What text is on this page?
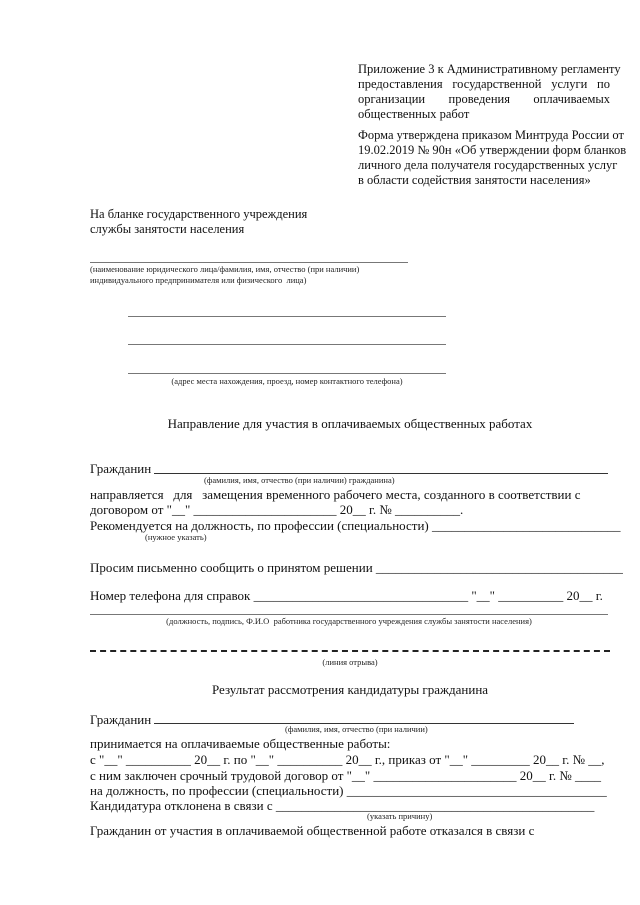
Приложение 3 к Административному регламенту
предоставления государственной услуги по
организации проведения оплачиваемых
общественных работ
Форма утверждена приказом Минтруда России от
19.02.2019 № 90н «Об утверждении форм бланков
личного дела получателя государственных услуг
в области содействия занятости населения»
На бланке государственного учреждения
службы занятости населения
(наименование юридического лица/фамилия, имя, отчество (при наличии)
индивидуального предпринимателя или физического  лица)
(адрес места нахождения, проезд, номер контактного телефона)
Направление для участия в оплачиваемых общественных работах
Гражданин
(фамилия, имя, отчество (при наличии) гражданина)
направляется   для   замещения временного рабочего места, созданного в соответствии с
договором от "__" ______________________ 20__ г. № __________.
Рекомендуется на должность, по профессии (специальности) _____________________________
(нужное указать)
Просим письменно сообщить о принятом решении ______________________________________
Номер телефона для справок _________________________________ "__" __________ 20__ г.
(должность, подпись, Ф.И.О  работника государственного учреждения службы занятости населения)
(линия отрыва)
Результат рассмотрения кандидатуры гражданина
Гражданин
(фамилия, имя, отчество (при наличии)
принимается на оплачиваемые общественные работы:
с "__" __________ 20__ г. по "__" __________ 20__ г., приказ от "__" _________ 20__ г. № __,
с ним заключен срочный трудовой договор от "__" ______________________ 20__ г. № ____
на должность, по профессии (специальности) ________________________________________
Кандидатура отклонена в связи с _________________________________________________
(указать причину)
Гражданин от участия в оплачиваемой общественной работе отказался в связи с
